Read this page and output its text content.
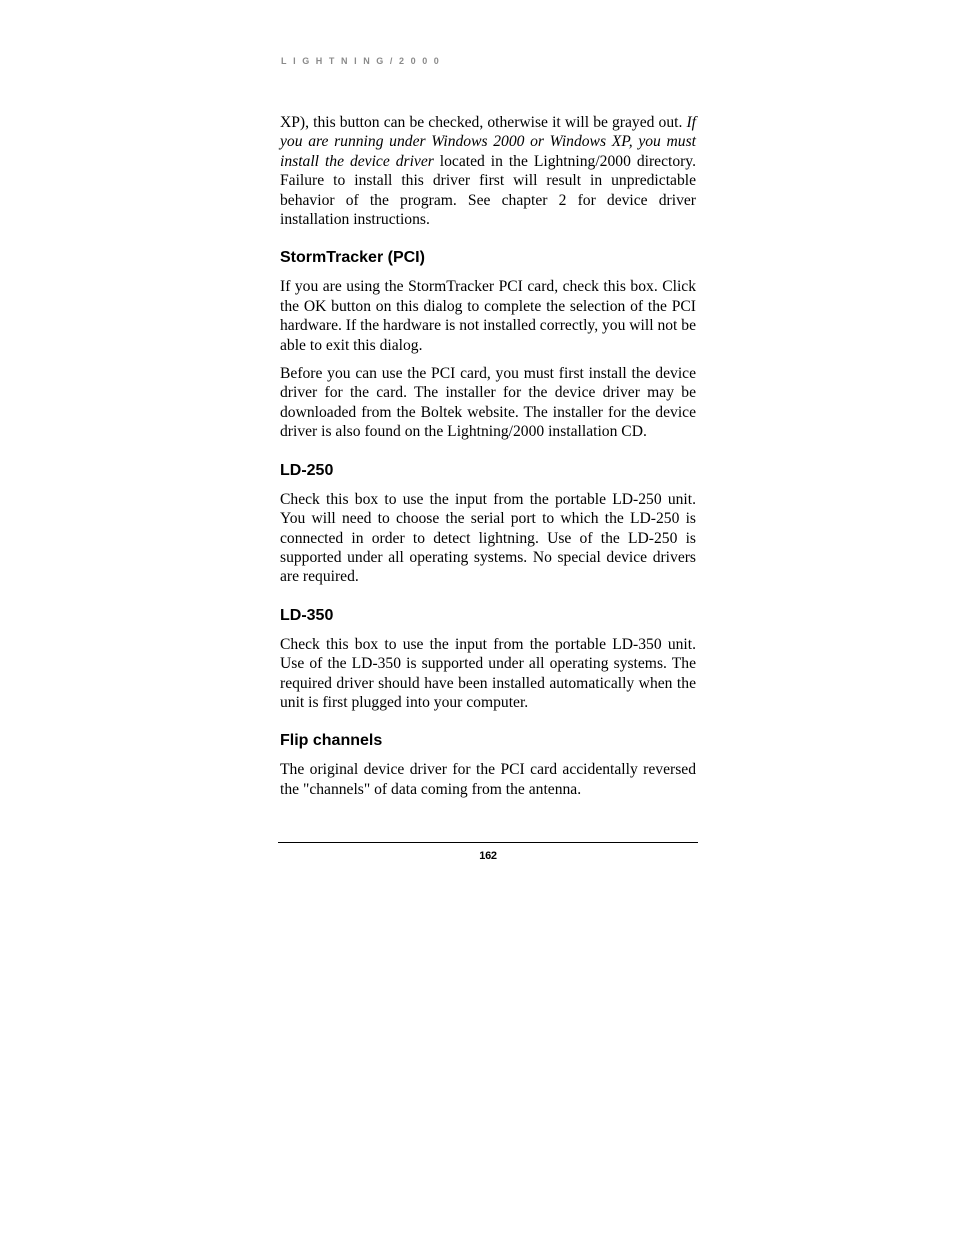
LIGHTNING/2000

XP), this button can be checked, otherwise it will be grayed out. If you are running under Windows 2000 or Windows XP, you must install the device driver located in the Lightning/2000 directory. Failure to install this driver first will result in unpredictable behavior of the program. See chapter 2 for device driver installation instructions.

StormTracker (PCI)

If you are using the StormTracker PCI card, check this box. Click the OK button on this dialog to complete the selection of the PCI hardware. If the hardware is not installed correctly, you will not be able to exit this dialog.

Before you can use the PCI card, you must first install the device driver for the card. The installer for the device driver may be downloaded from the Boltek website. The installer for the device driver is also found on the Lightning/2000 installation CD.

LD-250

Check this box to use the input from the portable LD-250 unit. You will need to choose the serial port to which the LD-250 is connected in order to detect lightning. Use of the LD-250 is supported under all operating systems. No special device drivers are required.

LD-350

Check this box to use the input from the portable LD-350 unit. Use of the LD-350 is supported under all operating systems. The required driver should have been installed automatically when the unit is first plugged into your computer.

Flip channels

The original device driver for the PCI card accidentally reversed the "channels" of data coming from the antenna.

162
